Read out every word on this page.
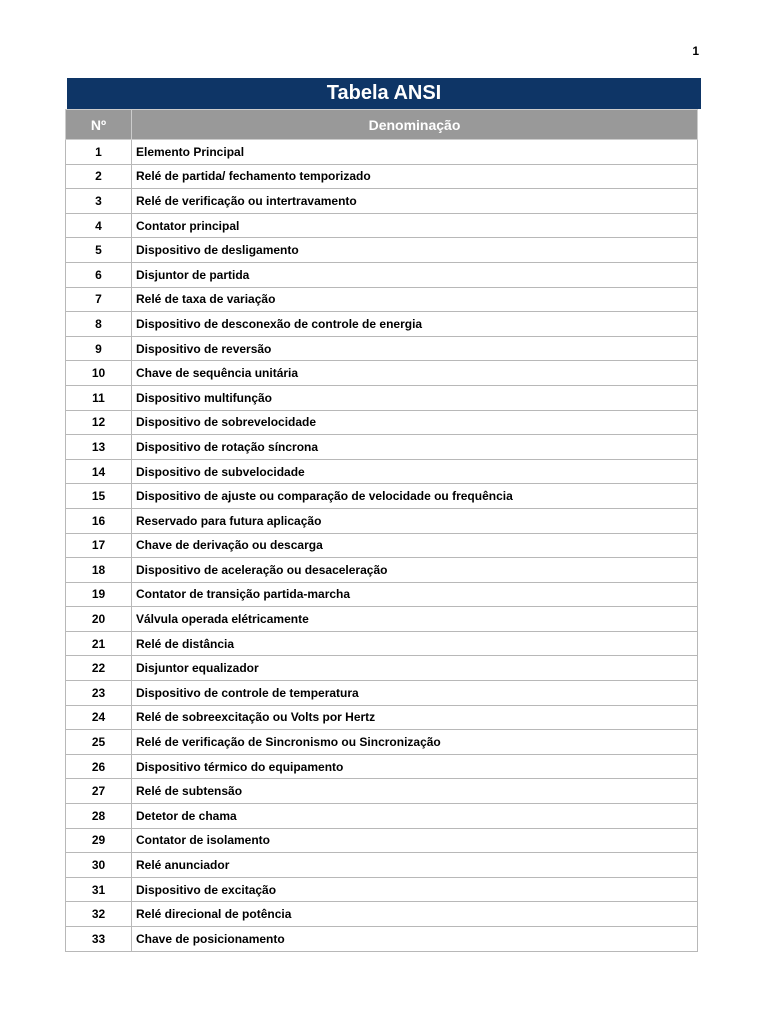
1
Tabela ANSI
Nº	Denominação
1	Elemento Principal
2	Relé de partida/ fechamento temporizado
3	Relé de verificação ou intertravamento
4	Contator principal
5	Dispositivo de desligamento
6	Disjuntor de partida
7	Relé de taxa de variação
8	Dispositivo de desconexão de controle de energia
9	Dispositivo de reversão
10	Chave de sequência unitária
11	Dispositivo multifunção
12	Dispositivo de sobrevelocidade
13	Dispositivo de rotação síncrona
14	Dispositivo de subvelocidade
15	Dispositivo de ajuste ou comparação de velocidade ou frequência
16	Reservado para futura aplicação
17	Chave de derivação ou descarga
18	Dispositivo de aceleração ou desaceleração
19	Contator de transição partida-marcha
20	Válvula operada elétricamente
21	Relé de distância
22	Disjuntor equalizador
23	Dispositivo de controle de temperatura
24	Relé de sobreexcitação ou Volts por Hertz
25	Relé de verificação de Sincronismo ou Sincronização
26	Dispositivo térmico do equipamento
27	Relé de subtensão
28	Detetor de chama
29	Contator de isolamento
30	Relé anunciador
31	Dispositivo de excitação
32	Relé direcional de potência
33	Chave de posicionamento
